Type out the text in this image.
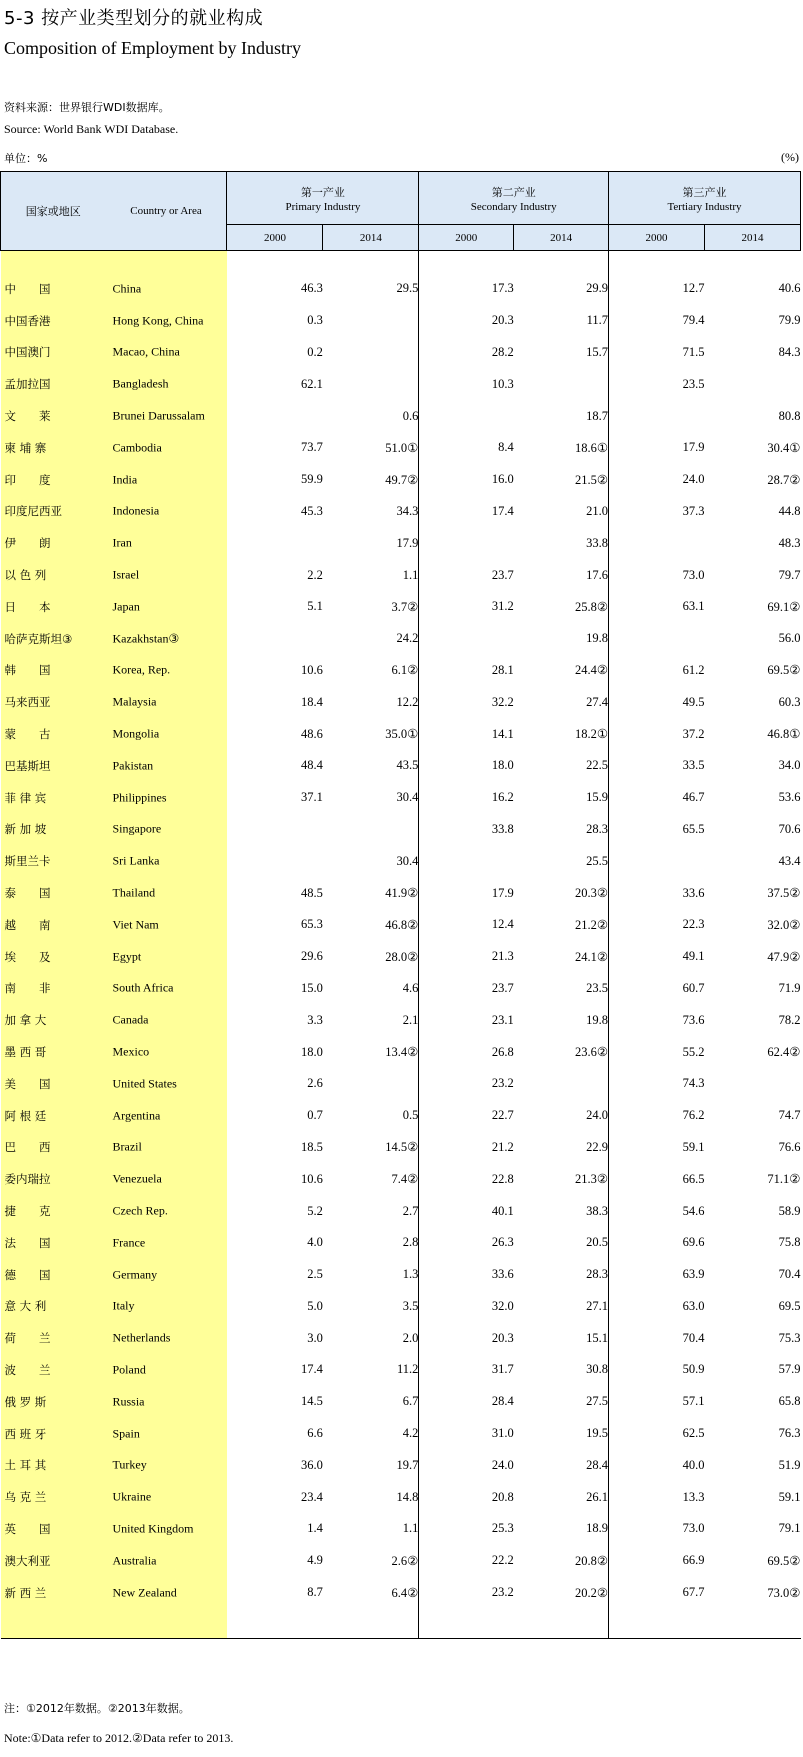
5-3 按产业类型划分的就业构成
Composition of Employment by Industry
资料来源：世界银行WDI数据库。
Source: World Bank WDI Database.
单位：%	(%)
国家或地区 Country or Area	第一产业
Primary Industry		第二产业
Secondary Industry		第三产业
Tertiary Industry	

	2000	2014	2000	2014	2000	2014

中　　国 China	46.3	29.5	17.3	29.9	12.7	40.6

中国香港 Hong Kong, China	0.3		20.3	11.7	79.4	79.9

中国澳门 Macao, China	0.2		28.2	15.7	71.5	84.3

孟加拉国 Bangladesh	62.1		10.3		23.5	

文　　莱 Brunei Darussalam		0.6		18.7		80.8

柬 埔 寨 Cambodia	73.7	51.0①	8.4	18.6①	17.9	30.4①

印　　度 India	59.9	49.7②	16.0	21.5②	24.0	28.7②

印度尼西亚 Indonesia	45.3	34.3	17.4	21.0	37.3	44.8

伊　　朗 Iran		17.9		33.8		48.3

以 色 列 Israel	2.2	1.1	23.7	17.6	73.0	79.7

日　　本 Japan	5.1	3.7②	31.2	25.8②	63.1	69.1②

哈萨克斯坦③ Kazakhstan③		24.2		19.8		56.0

韩　　国 Korea, Rep.	10.6	6.1②	28.1	24.4②	61.2	69.5②

马来西亚 Malaysia	18.4	12.2	32.2	27.4	49.5	60.3

蒙　　古 Mongolia	48.6	35.0①	14.1	18.2①	37.2	46.8①

巴基斯坦 Pakistan	48.4	43.5	18.0	22.5	33.5	34.0

菲 律 宾 Philippines	37.1	30.4	16.2	15.9	46.7	53.6

新 加 坡 Singapore			33.8	28.3	65.5	70.6

斯里兰卡 Sri Lanka		30.4		25.5		43.4

泰　　国 Thailand	48.5	41.9②	17.9	20.3②	33.6	37.5②

越　　南 Viet Nam	65.3	46.8②	12.4	21.2②	22.3	32.0②

埃　　及 Egypt	29.6	28.0②	21.3	24.1②	49.1	47.9②

南　　非 South Africa	15.0	4.6	23.7	23.5	60.7	71.9

加 拿 大 Canada	3.3	2.1	23.1	19.8	73.6	78.2

墨 西 哥 Mexico	18.0	13.4②	26.8	23.6②	55.2	62.4②

美　　国 United States	2.6		23.2		74.3	

阿 根 廷 Argentina	0.7	0.5	22.7	24.0	76.2	74.7

巴　　西 Brazil	18.5	14.5②	21.2	22.9	59.1	76.6

委内瑞拉 Venezuela	10.6	7.4②	22.8	21.3②	66.5	71.1②

捷　　克 Czech Rep.	5.2	2.7	40.1	38.3	54.6	58.9

法　　国 France	4.0	2.8	26.3	20.5	69.6	75.8

德　　国 Germany	2.5	1.3	33.6	28.3	63.9	70.4

意 大 利 Italy	5.0	3.5	32.0	27.1	63.0	69.5

荷　　兰 Netherlands	3.0	2.0	20.3	15.1	70.4	75.3

波　　兰 Poland	17.4	11.2	31.7	30.8	50.9	57.9

俄 罗 斯 Russia	14.5	6.7	28.4	27.5	57.1	65.8

西 班 牙 Spain	6.6	4.2	31.0	19.5	62.5	76.3

土 耳 其 Turkey	36.0	19.7	24.0	28.4	40.0	51.9

乌 克 兰 Ukraine	23.4	14.8	20.8	26.1	13.3	59.1

英　　国 United Kingdom	1.4	1.1	25.3	18.9	73.0	79.1

澳大利亚 Australia	4.9	2.6②	22.2	20.8②	66.9	69.5②

新 西 兰 New Zealand	8.7	6.4②	23.2	20.2②	67.7	73.0②

注：①2012年数据。②2013年数据。
Note:①Data refer to 2012.②Data refer to 2013.
